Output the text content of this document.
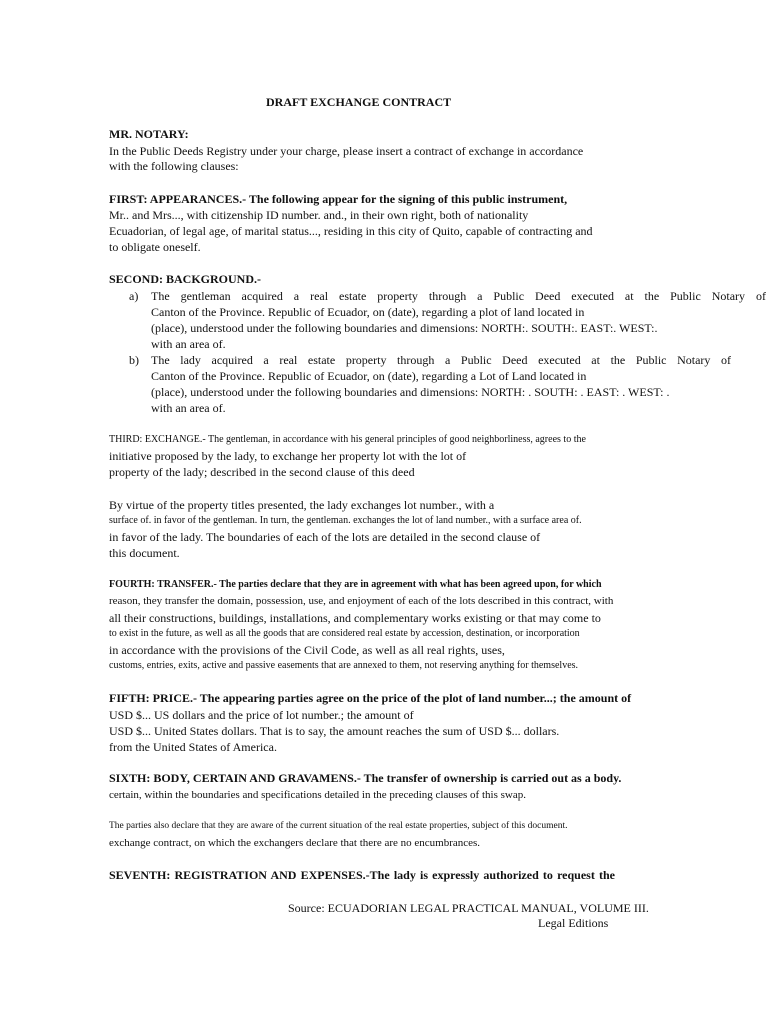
DRAFT EXCHANGE CONTRACT
MR. NOTARY:
In the Public Deeds Registry under your charge, please insert a contract of exchange in accordance
with the following clauses:
FIRST: APPEARANCES.- The following appear for the signing of this public instrument,
Mr.. and Mrs..., with citizenship ID number. and., in their own right, both of nationality
Ecuadorian, of legal age, of marital status..., residing in this city of Quito, capable of contracting and
to obligate oneself.
SECOND: BACKGROUND.-
a) The gentleman acquired a real estate property through a Public Deed executed at the Public Notary of
Canton of the Province. Republic of Ecuador, on (date), regarding a plot of land located in
(place), understood under the following boundaries and dimensions: NORTH:. SOUTH:. EAST:. WEST:.
with an area of.
b) The lady acquired a real estate property through a Public Deed executed at the Public Notary of
Canton of the Province. Republic of Ecuador, on (date), regarding a Lot of Land located in
(place), understood under the following boundaries and dimensions: NORTH: . SOUTH: . EAST: . WEST: .
with an area of.
THIRD: EXCHANGE.- The gentleman, in accordance with his general principles of good neighborliness, agrees to the
initiative proposed by the lady, to exchange her property lot with the lot of
property of the lady; described in the second clause of this deed
By virtue of the property titles presented, the lady exchanges lot number., with a
surface of. in favor of the gentleman. In turn, the gentleman. exchanges the lot of land number., with a surface area of.
in favor of the lady. The boundaries of each of the lots are detailed in the second clause of
this document.
FOURTH: TRANSFER.- The parties declare that they are in agreement with what has been agreed upon, for which
reason, they transfer the domain, possession, use, and enjoyment of each of the lots described in this contract, with
all their constructions, buildings, installations, and complementary works existing or that may come to
to exist in the future, as well as all the goods that are considered real estate by accession, destination, or incorporation
in accordance with the provisions of the Civil Code, as well as all real rights, uses,
customs, entries, exits, active and passive easements that are annexed to them, not reserving anything for themselves.
FIFTH: PRICE.- The appearing parties agree on the price of the plot of land number...; the amount of
USD $... US dollars and the price of lot number.; the amount of
USD $... United States dollars. That is to say, the amount reaches the sum of USD $... dollars.
from the United States of America.
SIXTH: BODY, CERTAIN AND GRAVAMENS.- The transfer of ownership is carried out as a body.
certain, within the boundaries and specifications detailed in the preceding clauses of this swap.
The parties also declare that they are aware of the current situation of the real estate properties, subject of this document.
exchange contract, on which the exchangers declare that there are no encumbrances.
SEVENTH: REGISTRATION AND EXPENSES.-The lady is expressly authorized to request the
Source: ECUADORIAN LEGAL PRACTICAL MANUAL, VOLUME III.
Legal Editions
